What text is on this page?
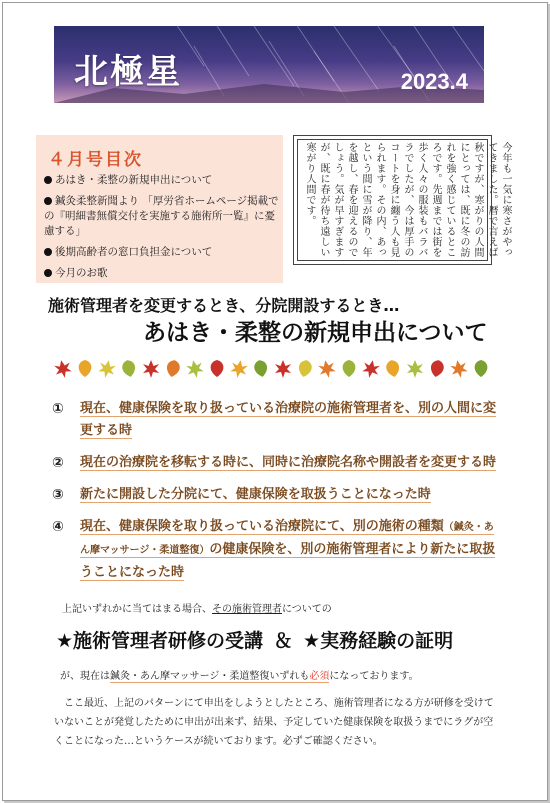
北極星	2023.4
４月号目次
あはき・柔整の新規申出について
鍼灸柔整新聞より 「厚労省ホームページ掲載での『明細書無償交付を実施する施術所一覧』に憂慮する」
後期高齢者の窓口負担金について
今月のお歌
今年も一気に寒さがやってきました。暦で言えば秋ですが、寒がりの人間にとっては、既に冬の訪れを強く感じているところです。先週までは街を歩く人々の服装もバラバラでしたが、今は厚手のコートを身に纏う人も見られます。その内、あっという間に雪が降り、年を越し、春を迎えるのでしょう。気が早すぎますが、既に春が待ち遠しい寒がり人間です。
施術管理者を変更するとき、分院開設するとき…
あはき・柔整の新規申出について
① 現在、健康保険を取り扱っている治療院の施術管理者を、別の人間に変更する時
② 現在の治療院を移転する時に、同時に治療院名称や開設者を変更する時
③ 新たに開設した分院にて、健康保険を取扱うことになった時
④ 現在、健康保険を取り扱っている治療院にて、別の施術の種類（鍼灸・あん摩マッサージ・柔道整復）の健康保険を、別の施術管理者により新たに取扱うことになった時
上記いずれかに当てはまる場合、その施術管理者についての
★施術管理者研修の受講 ＆ ★実務経験の証明
が、現在は鍼灸・あん摩マッサージ・柔道整復いずれも必須になっております。
ここ最近、上記のパターンにて申出をしようとしたところ、施術管理者になる方が研修を受けていないことが発覚したために申出が出来ず、結果、予定していた健康保険を取扱うまでにラグが空くことになった…というケースが続いております。必ずご確認ください。
